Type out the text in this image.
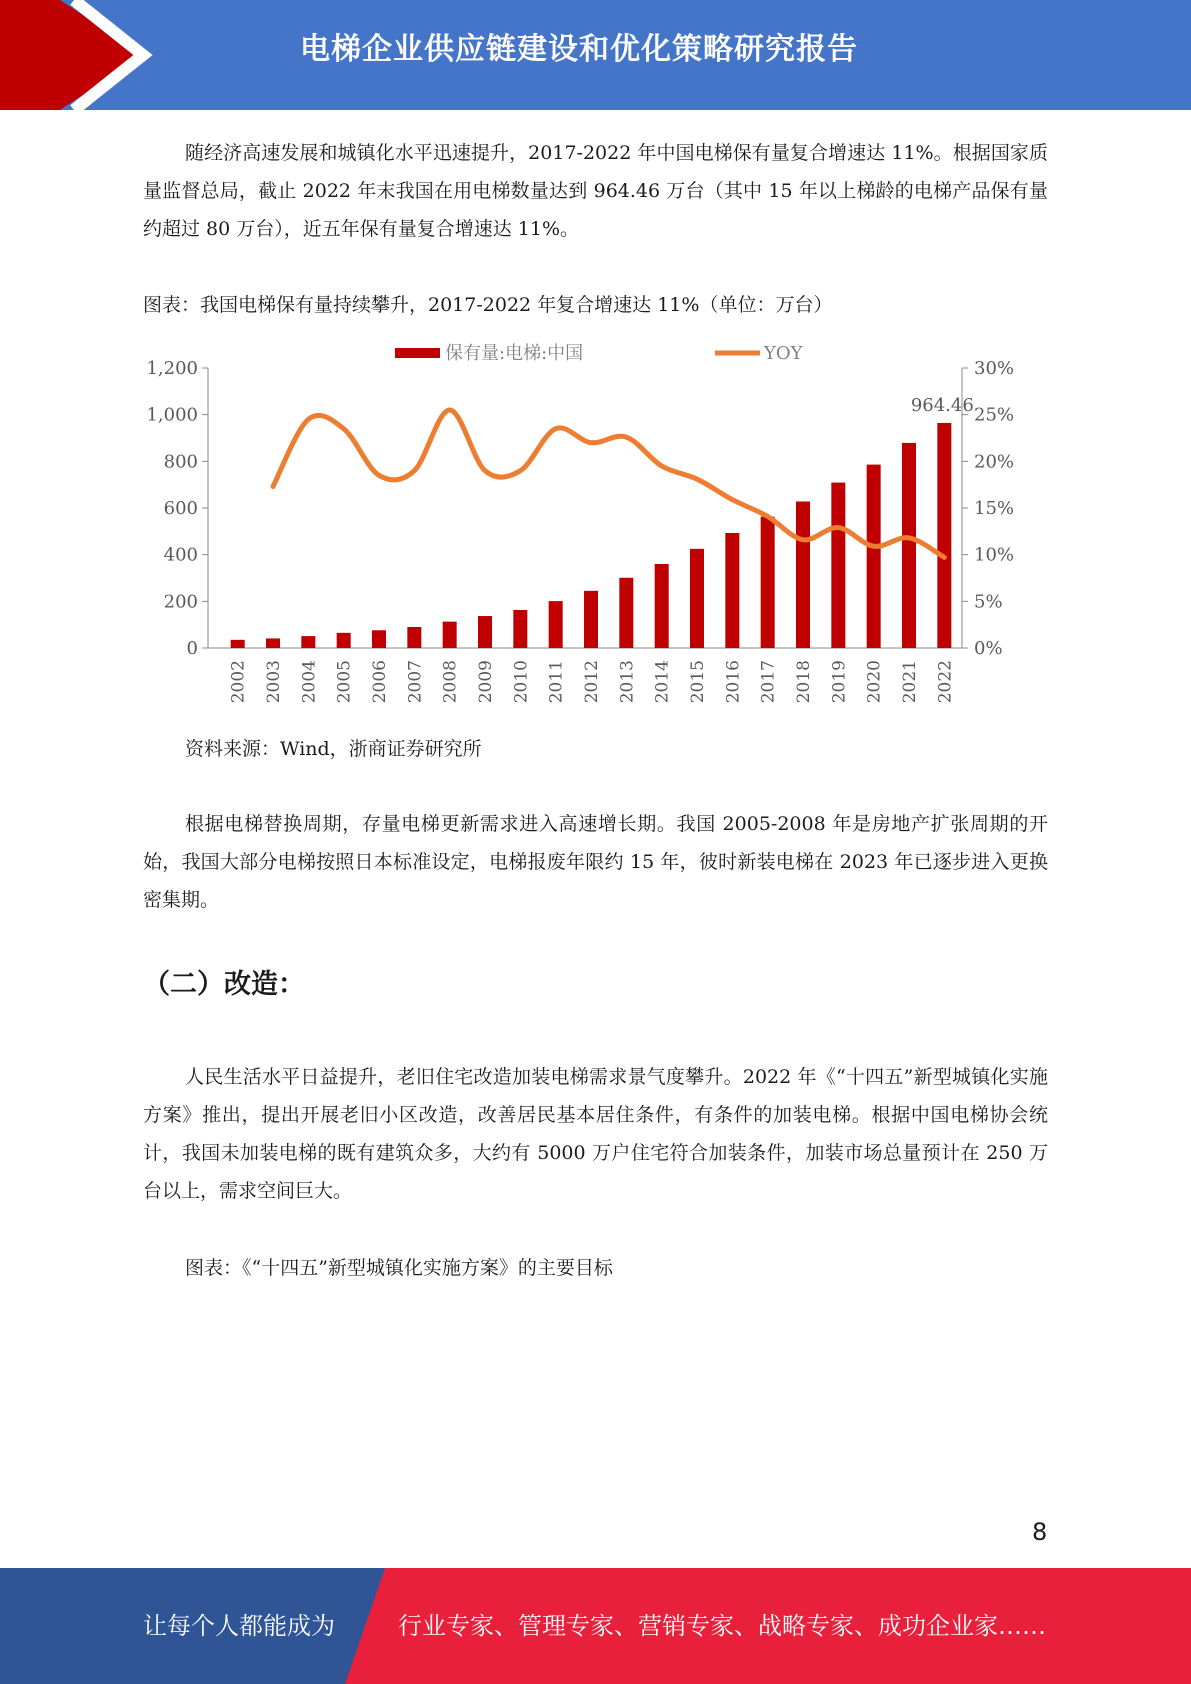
电梯企业供应链建设和优化策略研究报告

随经济高速发展和城镇化水平迅速提升，2017-2022 年中国电梯保有量复合增速达 11%。根据国家质量监督总局，截止 2022 年末我国在用电梯数量达到 964.46 万台（其中 15 年以上梯龄的电梯产品保有量约超过 80 万台），近五年保有量复合增速达 11%。

图表：我国电梯保有量持续攀升，2017-2022 年复合增速达 11%（单位：万台）

保有量:电梯:中国	YOY
0
200
400
600
800
1,000
1,200
0%
5%
10%
15%
20%
25%
30%
2002 2003 2004 2005 2006 2007 2008 2009 2010 2011 2012 2013 2014 2015 2016 2017 2018 2019 2020 2021 2022
964.46

资料来源：Wind，浙商证券研究所

根据电梯替换周期，存量电梯更新需求进入高速增长期。我国 2005-2008 年是房地产扩张周期的开始，我国大部分电梯按照日本标准设定，电梯报废年限约 15 年，彼时新装电梯在 2023 年已逐步进入更换密集期。

（二）改造：

人民生活水平日益提升，老旧住宅改造加装电梯需求景气度攀升。2022 年《“十四五”新型城镇化实施方案》推出，提出开展老旧小区改造，改善居民基本居住条件，有条件的加装电梯。根据中国电梯协会统计，我国未加装电梯的既有建筑众多，大约有 5000 万户住宅符合加装条件，加装市场总量预计在 250 万台以上，需求空间巨大。

图表：《“十四五”新型城镇化实施方案》的主要目标

8
让每个人都能成为	行业专家、管理专家、营销专家、战略专家、成功企业家……
